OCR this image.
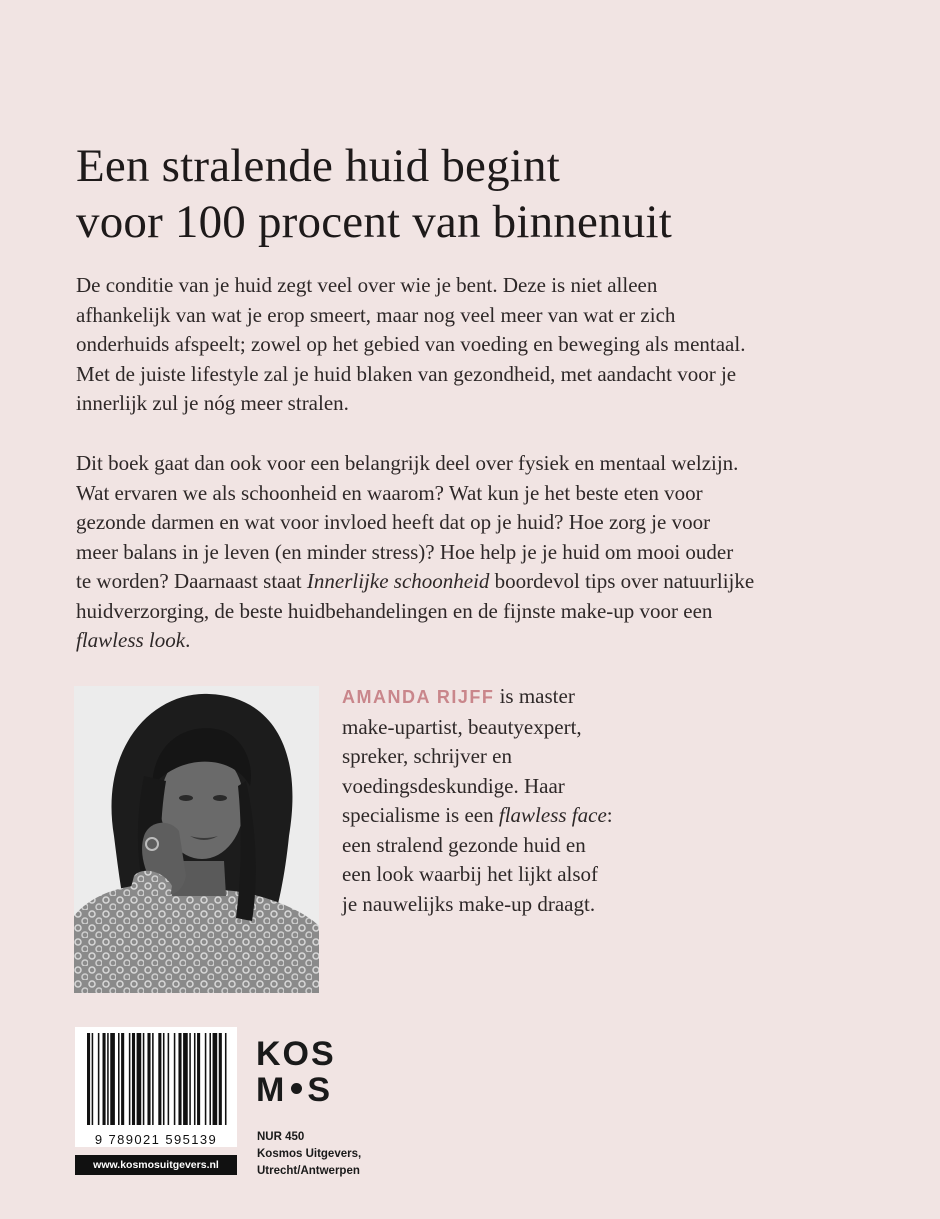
Een stralende huid begint
voor 100 procent van binnenuit
De conditie van je huid zegt veel over wie je bent. Deze is niet alleen
afhankelijk van wat je erop smeert, maar nog veel meer van wat er zich
onderhuids afspeelt; zowel op het gebied van voeding en beweging als mentaal.
Met de juiste lifestyle zal je huid blaken van gezondheid, met aandacht voor je
innerlijk zul je nóg meer stralen.
Dit boek gaat dan ook voor een belangrijk deel over fysiek en mentaal welzijn.
Wat ervaren we als schoonheid en waarom? Wat kun je het beste eten voor
gezonde darmen en wat voor invloed heeft dat op je huid? Hoe zorg je voor
meer balans in je leven (en minder stress)? Hoe help je je huid om mooi ouder
te worden? Daarnaast staat Innerlijke schoonheid boordevol tips over natuurlijke
huidverzorging, de beste huidbehandelingen en de fijnste make-up voor een
flawless look.
AMANDA RIJFF is master
make-upartist, beautyexpert,
spreker, schrijver en
voedingsdeskundige. Haar
specialisme is een flawless face:
een stralend gezonde huid en
een look waarbij het lijkt alsof
je nauwelijks make-up draagt.
9 789021 595139
www.kosmosuitgevers.nl
KOS
M S
NUR 450
Kosmos Uitgevers,
Utrecht/Antwerpen
